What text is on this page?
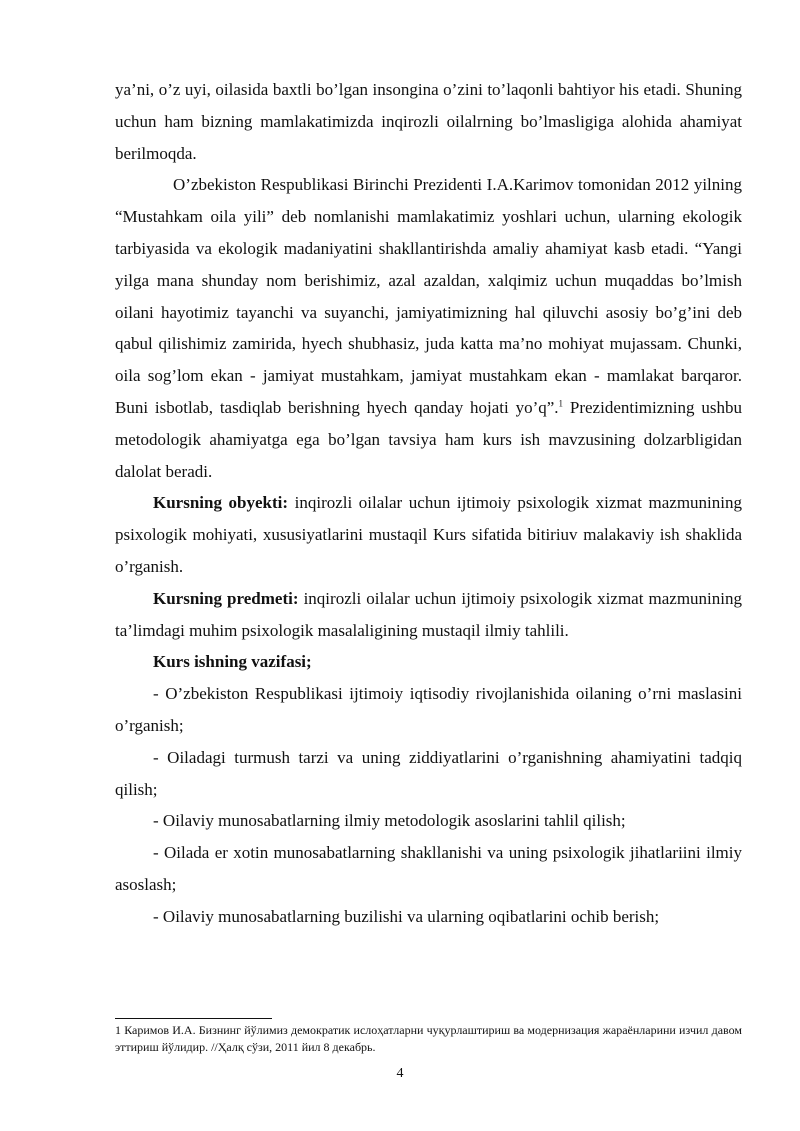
ya’ni, o’z uyi, oilasida baxtli bo’lgan insongina o’zini to’laqonli bahtiyor his etadi. Shuning uchun ham bizning mamlakatimizda inqirozli oilalrning bo’lmasligiga alohida ahamiyat berilmoqda.

O’zbekiston Respublikasi Birinchi Prezidenti I.A.Karimov tomonidan 2012 yilning “Mustahkam oila yili” deb nomlanishi mamlakatimiz yoshlari uchun, ularning ekologik tarbiyasida va ekologik madaniyatini shakllantirishda amaliy ahamiyat kasb etadi. “Yangi yilga mana shunday nom berishimiz, azal azaldan, xalqimiz uchun muqaddas bo’lmish oilani hayotimiz tayanchi va suyanchi, jamiyatimizning hal qiluvchi asosiy bo’g’ini deb qabul qilishimiz zamirida, hyech shubhasiz, juda katta ma’no mohiyat mujassam. Chunki, oila sog’lom ekan - jamiyat mustahkam, jamiyat mustahkam ekan - mamlakat barqaror. Buni isbotlab, tasdiqlab berishning hyech qanday hojati yo’q”.$^1$ Prezidentimizning ushbu metodologik ahamiyatga ega bo’lgan tavsiya ham kurs ish mavzusining dolzarbligidan dalolat beradi.

Kursning obyekti: inqirozli oilalar uchun ijtimoiy psixologik xizmat mazmunining psixologik mohiyati, xususiyatlarini mustaqil Kurs sifatida bitiriuv malakaviy ish shaklida o’rganish.

Kursning predmeti: inqirozli oilalar uchun ijtimoiy psixologik xizmat mazmunining ta’limdagi muhim psixologik masalaligining mustaqil ilmiy tahlili.

Kurs ishning vazifasi;

- O’zbekiston Respublikasi ijtimoiy iqtisodiy rivojlanishida oilaning o’rni maslasini o’rganish;

- Oiladagi turmush tarzi va uning ziddiyatlarini o’rganishning ahamiyatini tadqiq qilish;

- Oilaviy munosabatlarning ilmiy metodologik asoslarini tahlil qilish;

- Oilada er xotin munosabatlarning shakllanishi va uning psixologik jihatlariini ilmiy asoslash;

- Oilaviy munosabatlarning buzilishi va ularning oqibatlarini ochib berish;

1 Каримов И.А. Бизнинг йўлимиз демократик ислоҳатларни чуқурлаштириш ва модернизация жараёнларини изчил давом эттириш йўлидир. //Ҳалқ сўзи, 2011 йил 8 декабрь.
4
